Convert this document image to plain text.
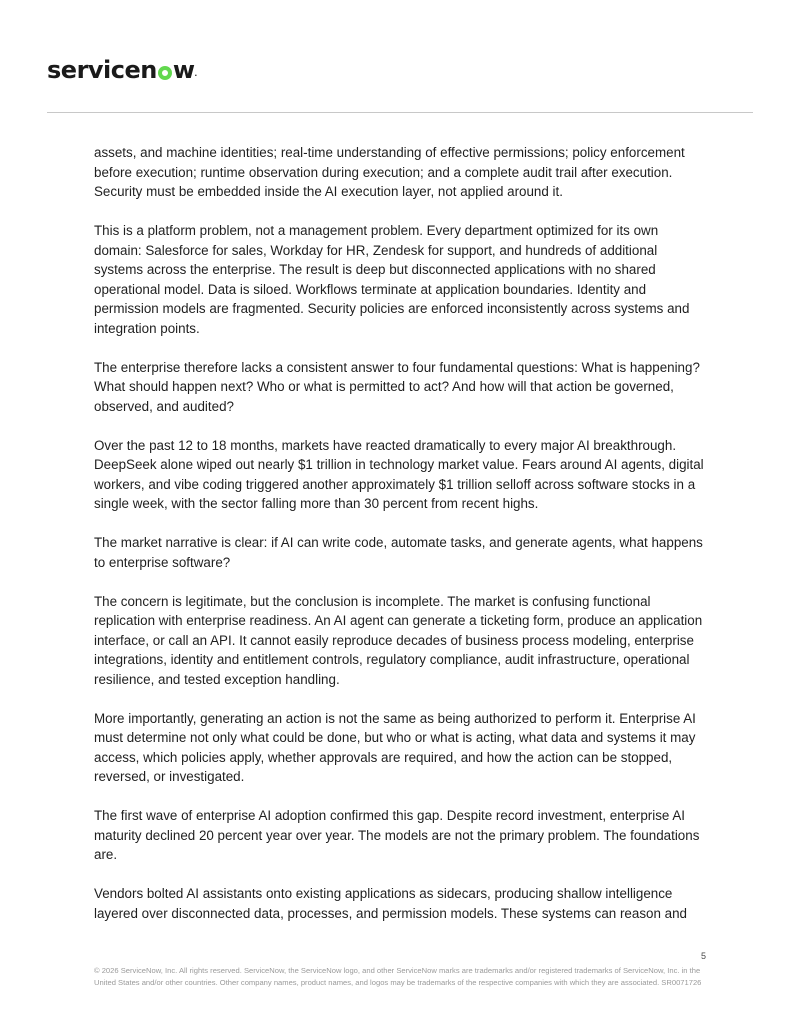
servicen w.

assets, and machine identities; real-time understanding of effective permissions; policy enforcement before execution; runtime observation during execution; and a complete audit trail after execution. Security must be embedded inside the AI execution layer, not applied around it.

This is a platform problem, not a management problem. Every department optimized for its own domain: Salesforce for sales, Workday for HR, Zendesk for support, and hundreds of additional systems across the enterprise. The result is deep but disconnected applications with no shared operational model. Data is siloed. Workflows terminate at application boundaries. Identity and permission models are fragmented. Security policies are enforced inconsistently across systems and integration points.

The enterprise therefore lacks a consistent answer to four fundamental questions: What is happening? What should happen next? Who or what is permitted to act? And how will that action be governed, observed, and audited?

Over the past 12 to 18 months, markets have reacted dramatically to every major AI breakthrough. DeepSeek alone wiped out nearly $1 trillion in technology market value. Fears around AI agents, digital workers, and vibe coding triggered another approximately $1 trillion selloff across software stocks in a single week, with the sector falling more than 30 percent from recent highs.

The market narrative is clear: if AI can write code, automate tasks, and generate agents, what happens to enterprise software?

The concern is legitimate, but the conclusion is incomplete. The market is confusing functional replication with enterprise readiness. An AI agent can generate a ticketing form, produce an application interface, or call an API. It cannot easily reproduce decades of business process modeling, enterprise integrations, identity and entitlement controls, regulatory compliance, audit infrastructure, operational resilience, and tested exception handling.

More importantly, generating an action is not the same as being authorized to perform it. Enterprise AI must determine not only what could be done, but who or what is acting, what data and systems it may access, which policies apply, whether approvals are required, and how the action can be stopped, reversed, or investigated.

The first wave of enterprise AI adoption confirmed this gap. Despite record investment, enterprise AI maturity declined 20 percent year over year. The models are not the primary problem. The foundations are.

Vendors bolted AI assistants onto existing applications as sidecars, producing shallow intelligence layered over disconnected data, processes, and permission models. These systems can reason and

5
© 2026 ServiceNow, Inc. All rights reserved. ServiceNow, the ServiceNow logo, and other ServiceNow marks are trademarks and/or registered trademarks of ServiceNow, Inc. in the United States and/or other countries. Other company names, product names, and logos may be trademarks of the respective companies with which they are associated. SR0071726
